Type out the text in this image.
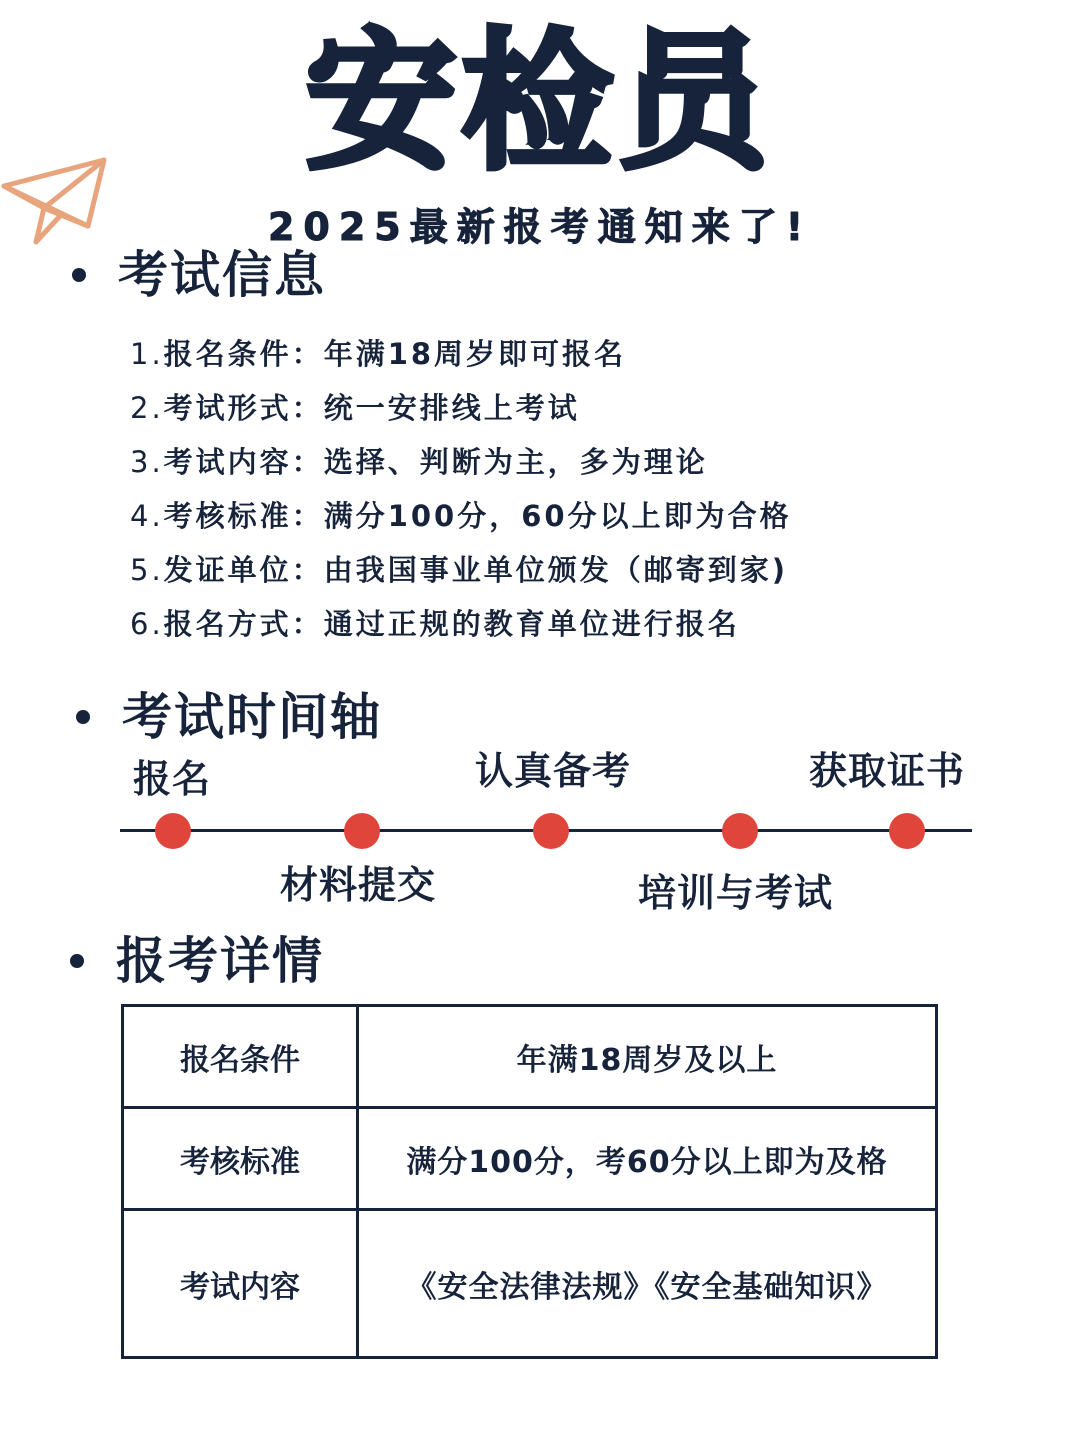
安检员
2025最新报考通知来了!
考试信息
1.报名条件：年满18周岁即可报名
2.考试形式：统一安排线上考试
3.考试内容：选择、判断为主，多为理论
4.考核标准：满分100分，60分以上即为合格
5.发证单位：由我国事业单位颁发（邮寄到家)
6.报名方式：通过正规的教育单位进行报名
考试时间轴
报名
材料提交
认真备考
培训与考试
获取证书
报考详情
报名条件	年满18周岁及以上
考核标准	满分100分，考60分以上即为及格
考试内容	《安全法律法规》《安全基础知识》
